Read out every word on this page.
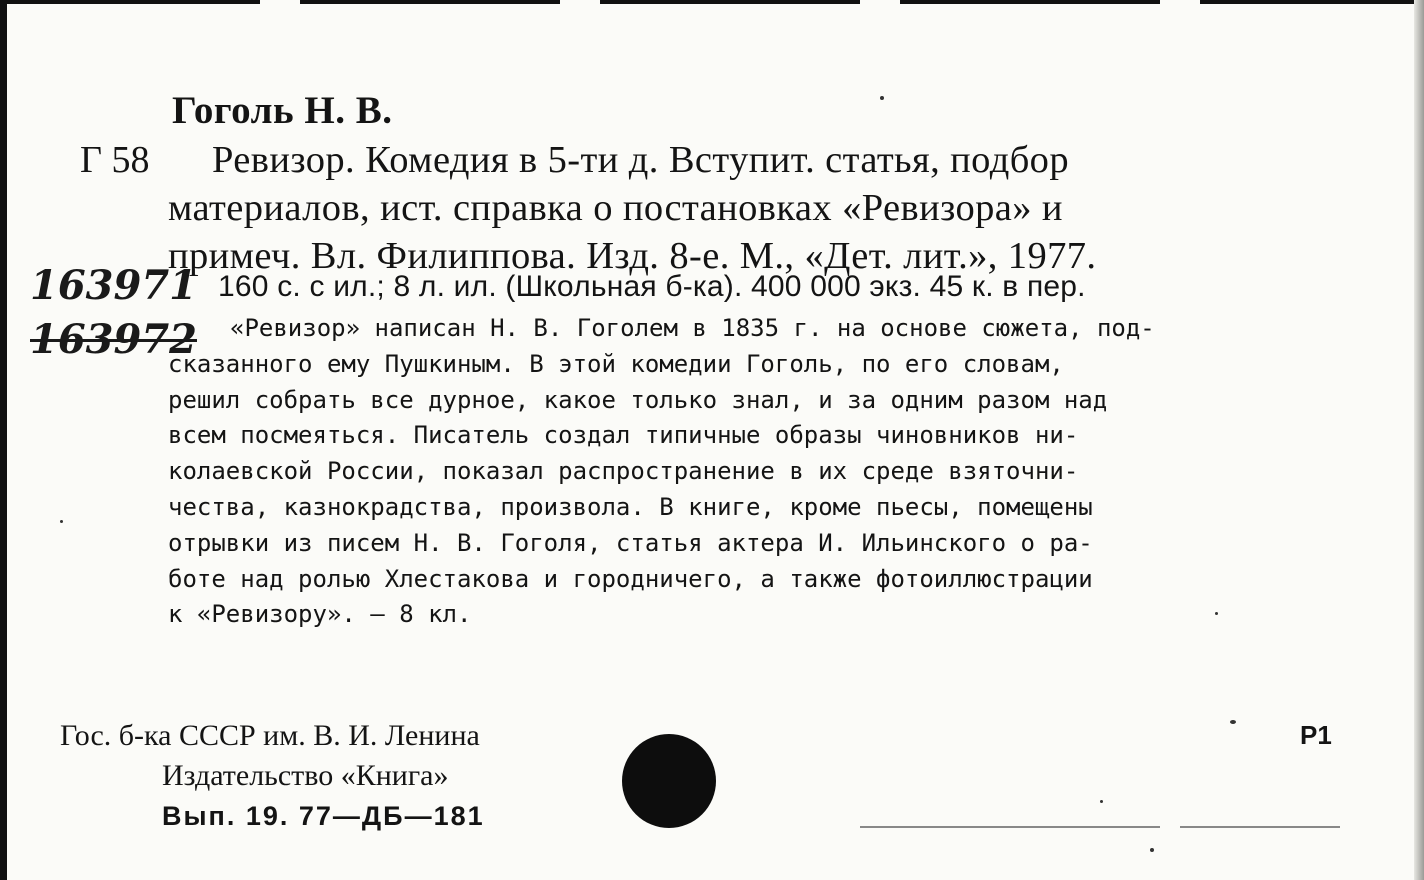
Гоголь Н. В.
Г 58	Ревизор. Комедия в 5-ти д. Вступит. статья, подбор
материалов, ист. справка о постановках «Ревизора» и
примеч. Вл. Филиппова. Изд. 8-е. М., «Дет. лит.», 1977.
163971
163972
160 с. с ил.; 8 л. ил. (Школьная б-ка). 400 000 экз. 45 к. в пер.
«Ревизор» написан Н. В. Гоголем в 1835 г. на основе сюжета, под-
сказанного ему Пушкиным. В этой комедии Гоголь, по его словам,
решил собрать все дурное, какое только знал, и за одним разом над
всем посмеяться. Писатель создал типичные образы чиновников ни-
колаевской России, показал распространение в их среде взяточни-
чества, казнокрадства, произвола. В книге, кроме пьесы, помещены
отрывки из писем Н. В. Гоголя, статья актера И. Ильинского о ра-
боте над ролью Хлестакова и городничего, а также фотоиллюстрации
к «Ревизору». — 8 кл.
Гос. б-ка СССР им. В. И. Ленина
Издательство «Книга»
Вып. 19. 77—ДБ—181
Р1
